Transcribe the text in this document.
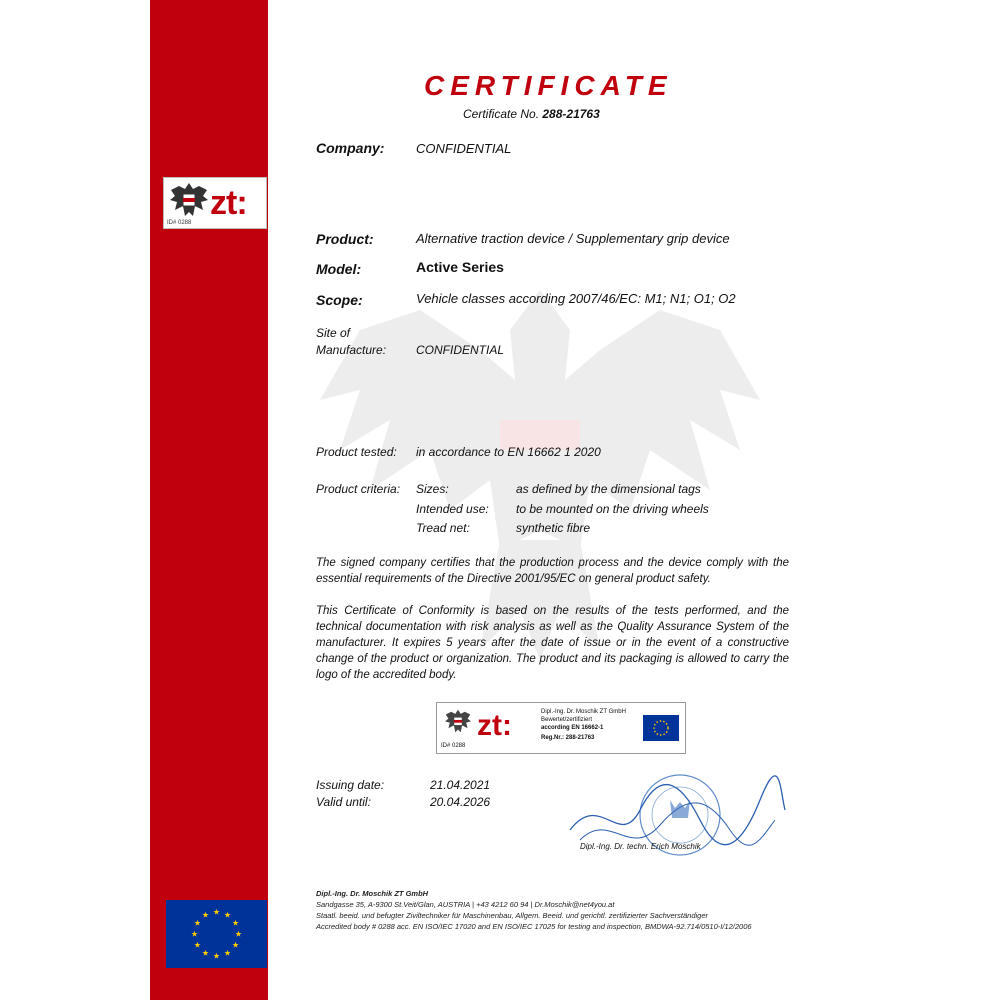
zt:
ID# 0288
CERTIFICATE
Certificate No. 288-21763
Company: CONFIDENTIAL
Product:	Alternative traction device / Supplementary grip device
Model:	Active Series
Scope:	Vehicle classes according 2007/46/EC: M1; N1; O1; O2
Site of
Manufacture: CONFIDENTIAL
Product tested: in accordance to EN 16662 1 2020
Product criteria: Sizes:	as defined by the dimensional tags
Intended use: to be mounted on the driving wheels
Tread net:	synthetic fibre
The signed company certifies that the production process and the device comply with the essential requirements of the Directive 2001/95/EC on general product safety.
This Certificate of Conformity is based on the results of the tests performed, and the technical documentation with risk analysis as well as the Quality Assurance System of the manufacturer. It expires 5 years after the date of issue or in the event of a constructive change of the product or organization. The product and its packaging is allowed to carry the logo of the accredited body.
ID# 0288
zt:	Dipl.-Ing. Dr. Moschik ZT GmbH
Bewertet/zertifiziert
according EN 16662-1
Reg.Nr.: 288-21763
Issuing date:	21.04.2021
Valid until:	20.04.2026
Dipl.-Ing. Dr. techn. Erich Moschik
Dipl.-Ing. Dr. Moschik ZT GmbH
Sandgasse 35, A-9300 St.Veit/Glan, AUSTRIA | +43 4212 60 94 | Dr.Moschik@net4you.at
Staatl. beeid. und befugter Ziviltechniker für Maschinenbau, Allgem. Beeid. und gerichtl. zertifizierter Sachverständiger
Accredited body # 0288 acc. EN ISO/IEC 17020 and EN ISO/IEC 17025 for testing and inspection, BMDWA-92.714/0510-I/12/2006
